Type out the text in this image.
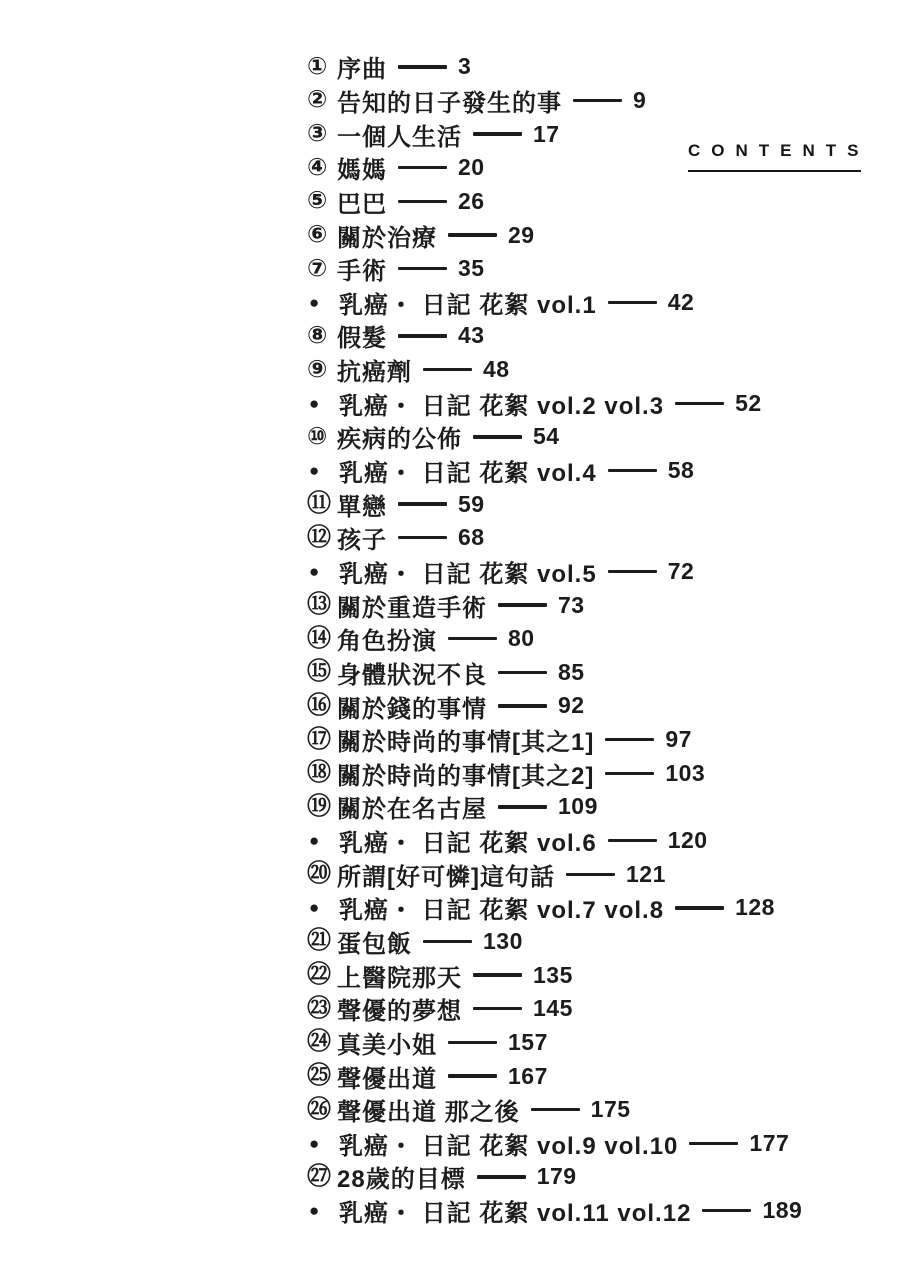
CONTENTS
① 序曲	3
② 告知的日子發生的事	9
③ 一個人生活	17
④ 媽媽	20
⑤ 巴巴	26
⑥ 關於治療	29
⑦ 手術	35
● 乳癌・ 日記 花絮 vol.1	42
⑧ 假髮	43
⑨ 抗癌劑	48
● 乳癌・ 日記 花絮 vol.2 vol.3	52
⑩ 疾病的公佈	54
● 乳癌・ 日記 花絮 vol.4	58
⑪ 單戀	59
⑫ 孩子	68
● 乳癌・ 日記 花絮 vol.5	72
⑬ 關於重造手術	73
⑭ 角色扮演	80
⑮ 身體狀況不良	85
⑯ 關於錢的事情	92
⑰ 關於時尚的事情[其之1]	97
⑱ 關於時尚的事情[其之2]	103
⑲ 關於在名古屋	109
● 乳癌・ 日記 花絮 vol.6	120
⑳ 所謂[好可憐]這句話	121
● 乳癌・ 日記 花絮 vol.7 vol.8	128
㉑ 蛋包飯	130
㉒ 上醫院那天	135
㉓ 聲優的夢想	145
㉔ 真美小姐	157
㉕ 聲優出道	167
㉖ 聲優出道 那之後	175
● 乳癌・ 日記 花絮 vol.9 vol.10	177
㉗ 28歲的目標	179
● 乳癌・ 日記 花絮 vol.11 vol.12	189
